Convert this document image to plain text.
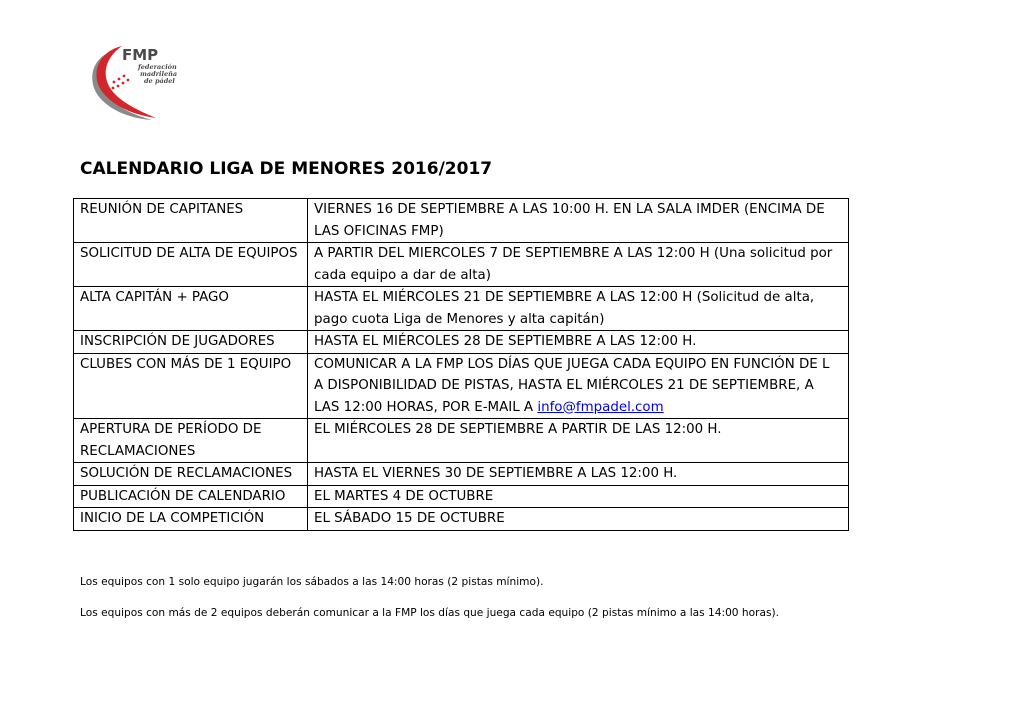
FMP
federación
madrileña
de pádel
CALENDARIO LIGA DE MENORES 2016/2017
REUNIÓN DE CAPITANES	VIERNES 16 DE SEPTIEMBRE A LAS 10:00 H. EN LA SALA IMDER (ENCIMA DE LAS OFICINAS FMP)
SOLICITUD DE ALTA DE EQUIPOS	A PARTIR DEL MIERCOLES 7 DE SEPTIEMBRE A LAS 12:00 H (Una solicitud por cada equipo a dar de alta)
ALTA CAPITÁN + PAGO	HASTA EL MIÉRCOLES 21 DE SEPTIEMBRE A LAS 12:00 H (Solicitud de alta, pago cuota Liga de Menores y alta capitán)
INSCRIPCIÓN DE JUGADORES	HASTA EL MIÉRCOLES 28 DE SEPTIEMBRE A LAS 12:00 H.
CLUBES CON MÁS DE 1 EQUIPO	COMUNICAR A LA FMP LOS DÍAS QUE JUEGA CADA EQUIPO EN FUNCIÓN DE L A DISPONIBILIDAD DE PISTAS, HASTA EL MIÉRCOLES 21 DE SEPTIEMBRE, A LAS 12:00 HORAS, POR E-MAIL A info@fmpadel.com
APERTURA DE PERÍODO DE RECLAMACIONES	EL MIÉRCOLES 28 DE SEPTIEMBRE A PARTIR DE LAS 12:00 H.
SOLUCIÓN DE RECLAMACIONES	HASTA EL VIERNES 30 DE SEPTIEMBRE A LAS 12:00 H.
PUBLICACIÓN DE CALENDARIO	EL MARTES 4 DE OCTUBRE
INICIO DE LA COMPETICIÓN	EL SÁBADO 15 DE OCTUBRE

Los equipos con 1 solo equipo jugarán los sábados a las 14:00 horas (2 pistas mínimo).

Los equipos con más de 2 equipos deberán comunicar a la FMP los días que juega cada equipo (2 pistas mínimo a las 14:00 horas).
